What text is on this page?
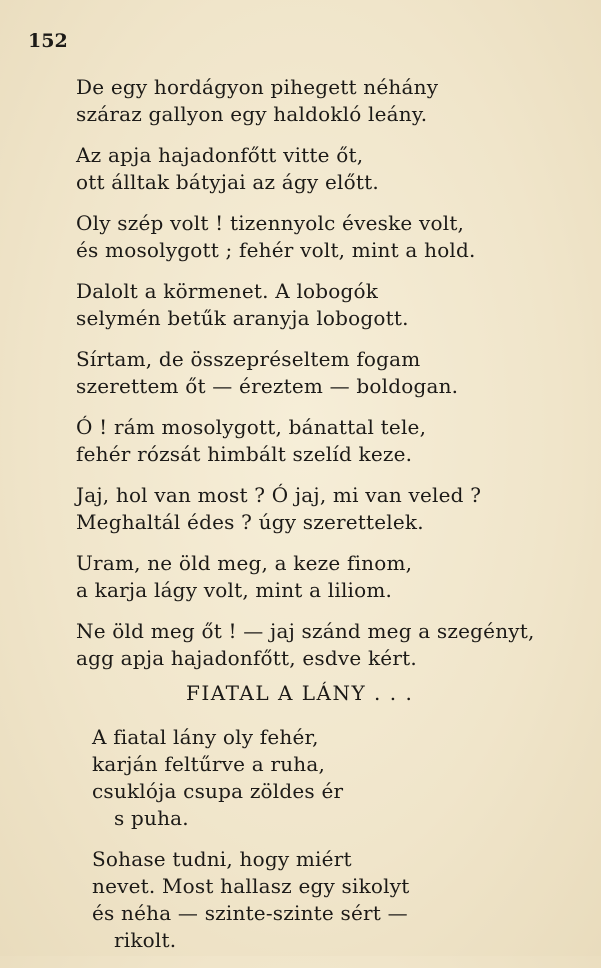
152
De egy hordágyon pihegett néhány
száraz gallyon egy haldokló leány.
Az apja hajadonfőtt vitte őt,
ott álltak bátyjai az ágy előtt.
Oly szép volt ! tizennyolc éveske volt,
és mosolygott ; fehér volt, mint a hold.
Dalolt a körmenet. A lobogók
selymén betűk aranyja lobogott.
Sírtam, de összepréseltem fogam
szerettem őt — éreztem — boldogan.
Ó ! rám mosolygott, bánattal tele,
fehér rózsát himbált szelíd keze.
Jaj, hol van most ? Ó jaj, mi van veled ?
Meghaltál édes ? úgy szerettelek.
Uram, ne öld meg, a keze finom,
a karja lágy volt, mint a liliom.
Ne öld meg őt ! — jaj szánd meg a szegényt,
agg apja hajadonfőtt, esdve kért.
FIATAL A LÁNY . . .
A fiatal lány oly fehér,
karján feltűrve a ruha,
csuklója csupa zöldes ér
s puha.
Sohase tudni, hogy miért
nevet. Most hallasz egy sikolyt
és néha — szinte-szinte sért —
rikolt.
